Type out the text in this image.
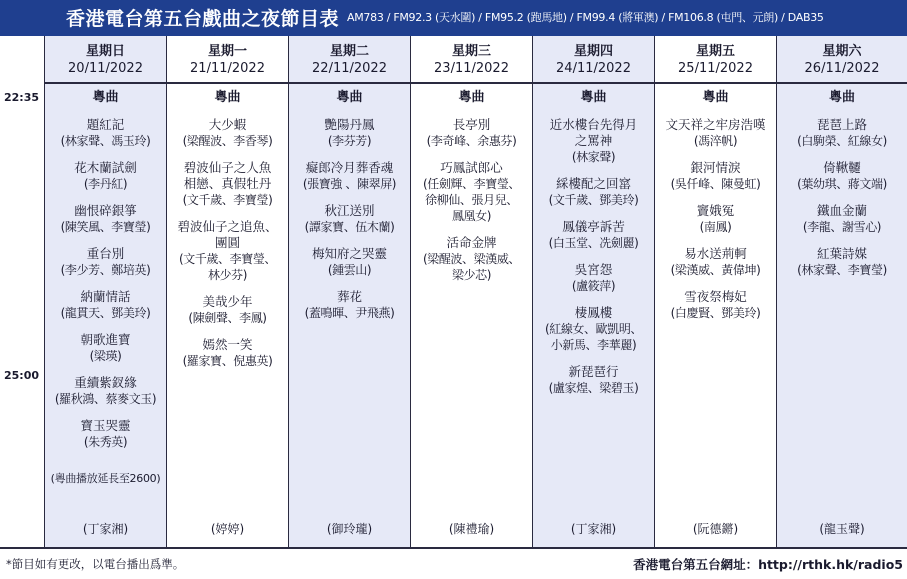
香港電台第五台戲曲之夜節目表 AM783 / FM92.3 (天水圍) / FM95.2 (跑馬地) / FM99.4 (將軍澳) / FM106.8 (屯門、元朗) / DAB35
22:35
25:00
星期日
20/11/2022
粵曲
題紅記
(林家聲、馮玉玲)
花木蘭試劍
(李丹紅)
幽恨碎銀箏
(陳笑風、李寶瑩)
重台別
(李少芳、鄭培英)
納蘭情話
(龍貫天、鄧美玲)
朝歌進寶
(梁瑛)
重續紫釵緣
(羅秋鴻、蔡麥文玉)
寶玉哭靈
(朱秀英)
(粵曲播放延長至2600)
(丁家湘)
星期一
21/11/2022
粵曲
大少蝦
(梁醒波、李香琴)
碧波仙子之人魚
相戀、真假牡丹
(文千歲、李寶瑩)
碧波仙子之追魚、
團圓
(文千歲、李寶瑩、
林少芬)
美哉少年
(陳劍聲、李鳳)
嫣然一笑
(羅家寶、倪惠英)
(婷婷)
星期二
22/11/2022
粵曲
艷陽丹鳳
(李芬芳)
癡郎冷月葬香魂
(張寶強 、陳翠屏)
秋江送別
(譚家寶、伍木蘭)
梅知府之哭靈
(鍾雲山)
葬花
(蓋鳴暉、尹飛燕)
(御玲瓏)
星期三
23/11/2022
粵曲
長亭別
(李奇峰、余惠芬)
巧鳳試郎心
(任劍輝、李寶瑩、
徐柳仙、張月兒、
鳳凰女)
活命金牌
(梁醒波、梁漢威、
梁少芯)
(陳禮瑜)
星期四
24/11/2022
粵曲
近水樓台先得月
之罵神
(林家聲)
綵樓配之回窰
(文千歲、鄧美玲)
鳳儀亭訴苦
(白玉堂、冼劍麗)
吳宮怨
(盧筱萍)
棲鳳樓
(紅線女、歐凱明、
小新馬、李華麗)
新琵琶行
(盧家煌、梁碧玉)
(丁家湘)
星期五
25/11/2022
粵曲
文天祥之牢房浩嘆
(馮淬帆)
銀河情淚
(吳仟峰、陳曼虹)
竇娥冤
(南鳳)
易水送荊軻
(梁漢威、黃偉坤)
雪夜祭梅妃
(白慶賢、鄧美玲)
(阮德鏘)
星期六
26/11/2022
粵曲
琵琶上路
(白駒榮、紅線女)
倚鞦韆
(葉幼琪、蔣文端)
鐵血金蘭
(李龍、謝雪心)
紅葉詩媒
(林家聲、李寶瑩)
(龍玉聲)
*節目如有更改，以電台播出爲準。	香港電台第五台網址：http://rthk.hk/radio5
